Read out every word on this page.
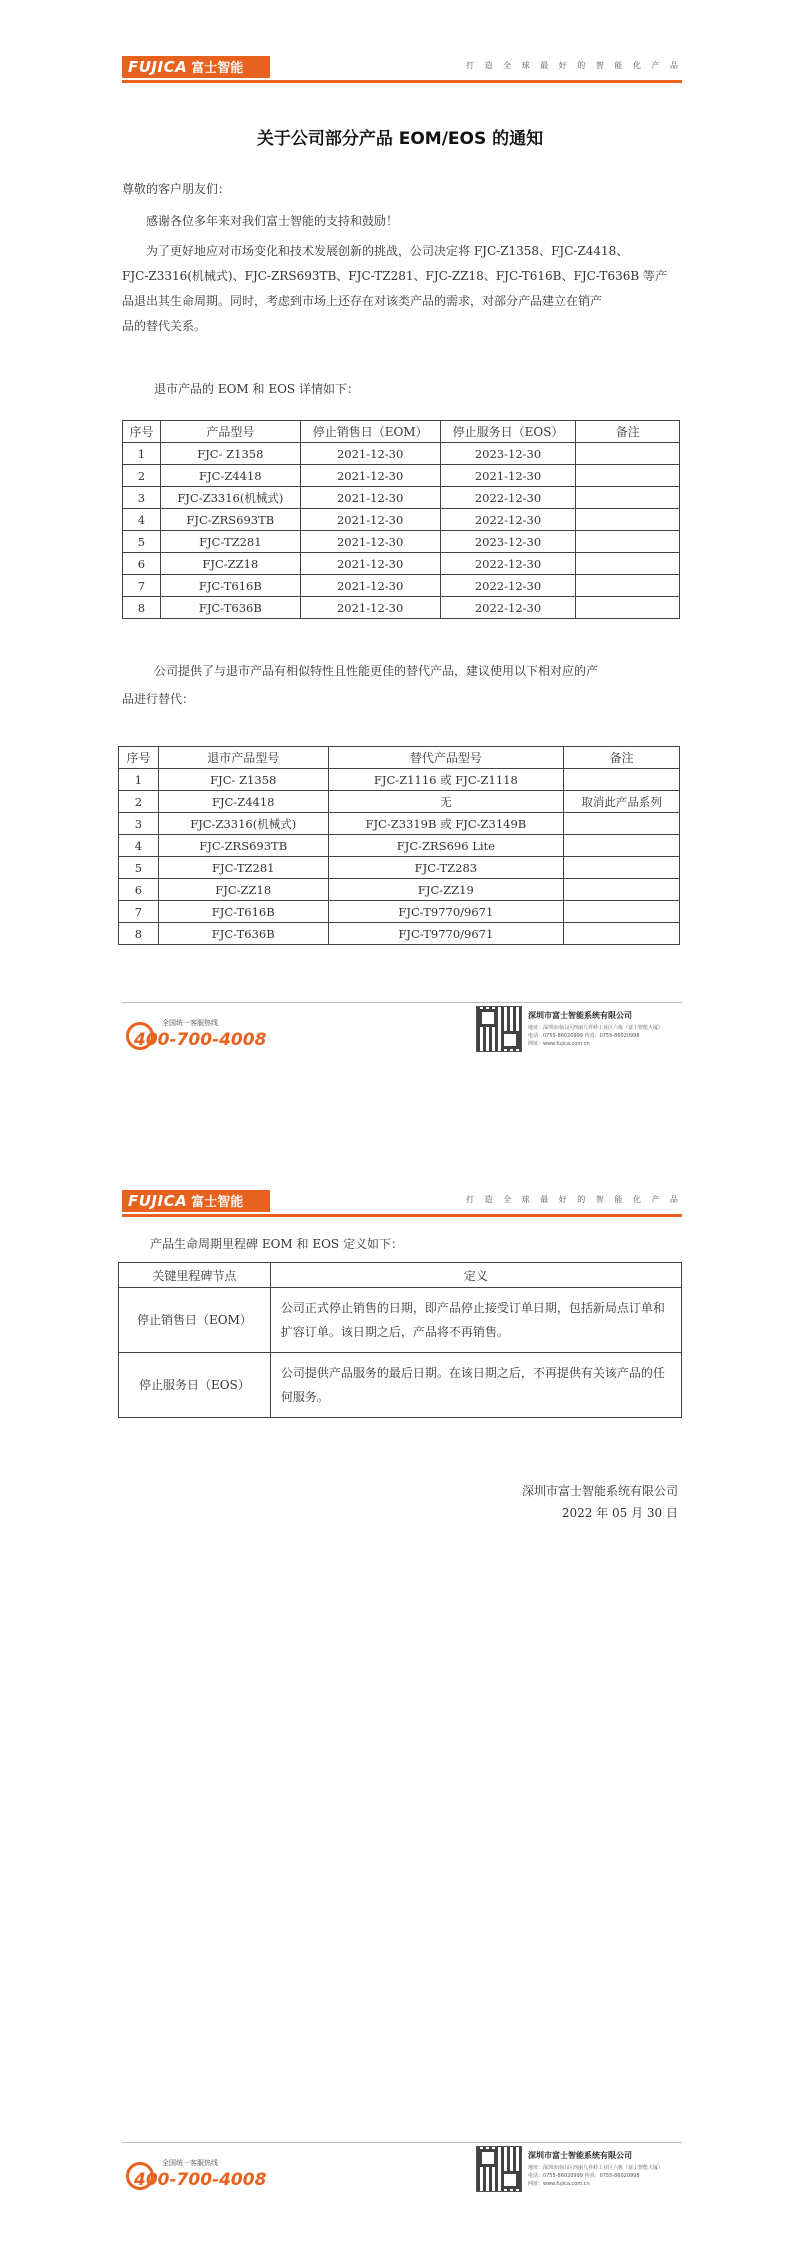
FUJICA 富士智能	打 造 全 球 最 好 的 智 能 化 产 品
关于公司部分产品 EOM/EOS 的通知
尊敬的客户朋友们：
感谢各位多年来对我们富士智能的支持和鼓励！
为了更好地应对市场变化和技术发展创新的挑战，公司决定将 FJC-Z1358、FJC-Z4418、
FJC-Z3316(机械式)、FJC-ZRS693TB、FJC-TZ281、FJC-ZZ18、FJC-T616B、FJC-T636B 等产
品退出其生命周期。同时，考虑到市场上还存在对该类产品的需求，对部分产品建立在销产
品的替代关系。
退市产品的 EOM 和 EOS 详情如下：
序号	产品型号	停止销售日（EOM）	停止服务日（EOS）	备注
1	FJC- Z1358	2021-12-30	2023-12-30	
2	FJC-Z4418	2021-12-30	2021-12-30	
3	FJC-Z3316(机械式)	2021-12-30	2022-12-30	
4	FJC-ZRS693TB	2021-12-30	2022-12-30	
5	FJC-TZ281	2021-12-30	2023-12-30	
6	FJC-ZZ18	2021-12-30	2022-12-30	
7	FJC-T616B	2021-12-30	2022-12-30	
8	FJC-T636B	2021-12-30	2022-12-30	
公司提供了与退市产品有相似特性且性能更佳的替代产品，建议使用以下相对应的产
品进行替代：
序号	退市产品型号	替代产品型号	备注
1	FJC- Z1358	FJC-Z1116 或 FJC-Z1118	
2	FJC-Z4418	无	取消此产品系列
3	FJC-Z3316(机械式)	FJC-Z3319B 或 FJC-Z3149B	
4	FJC-ZRS693TB	FJC-ZRS696 Lite	
5	FJC-TZ281	FJC-TZ283	
6	FJC-ZZ18	FJC-ZZ19	
7	FJC-T616B	FJC-T9770/9671	
8	FJC-T636B	FJC-T9770/9671	
全国统一客服热线
400-700-4008
深圳市富士智能系统有限公司
地址：深圳市南山区西丽九祥岭工业区六栋（富士智能大厦）
电话：0755-86020999 传真：0755-86020998
网址：www.fujica.com.cn
FUJICA 富士智能	打 造 全 球 最 好 的 智 能 化 产 品
产品生命周期里程碑 EOM 和 EOS 定义如下：
关键里程碑节点	定义
停止销售日（EOM）	公司正式停止销售的日期，即产品停止接受订单日期，包括新局点订单和扩容订单。该日期之后，产品将不再销售。
停止服务日（EOS）	公司提供产品服务的最后日期。在该日期之后，不再提供有关该产品的任何服务。
深圳市富士智能系统有限公司
2022 年 05 月 30 日
全国统一客服热线
400-700-4008
深圳市富士智能系统有限公司
地址：深圳市南山区西丽九祥岭工业区六栋（富士智能大厦）
电话：0755-86020999 传真：0755-86020998
网址：www.fujica.com.cn
